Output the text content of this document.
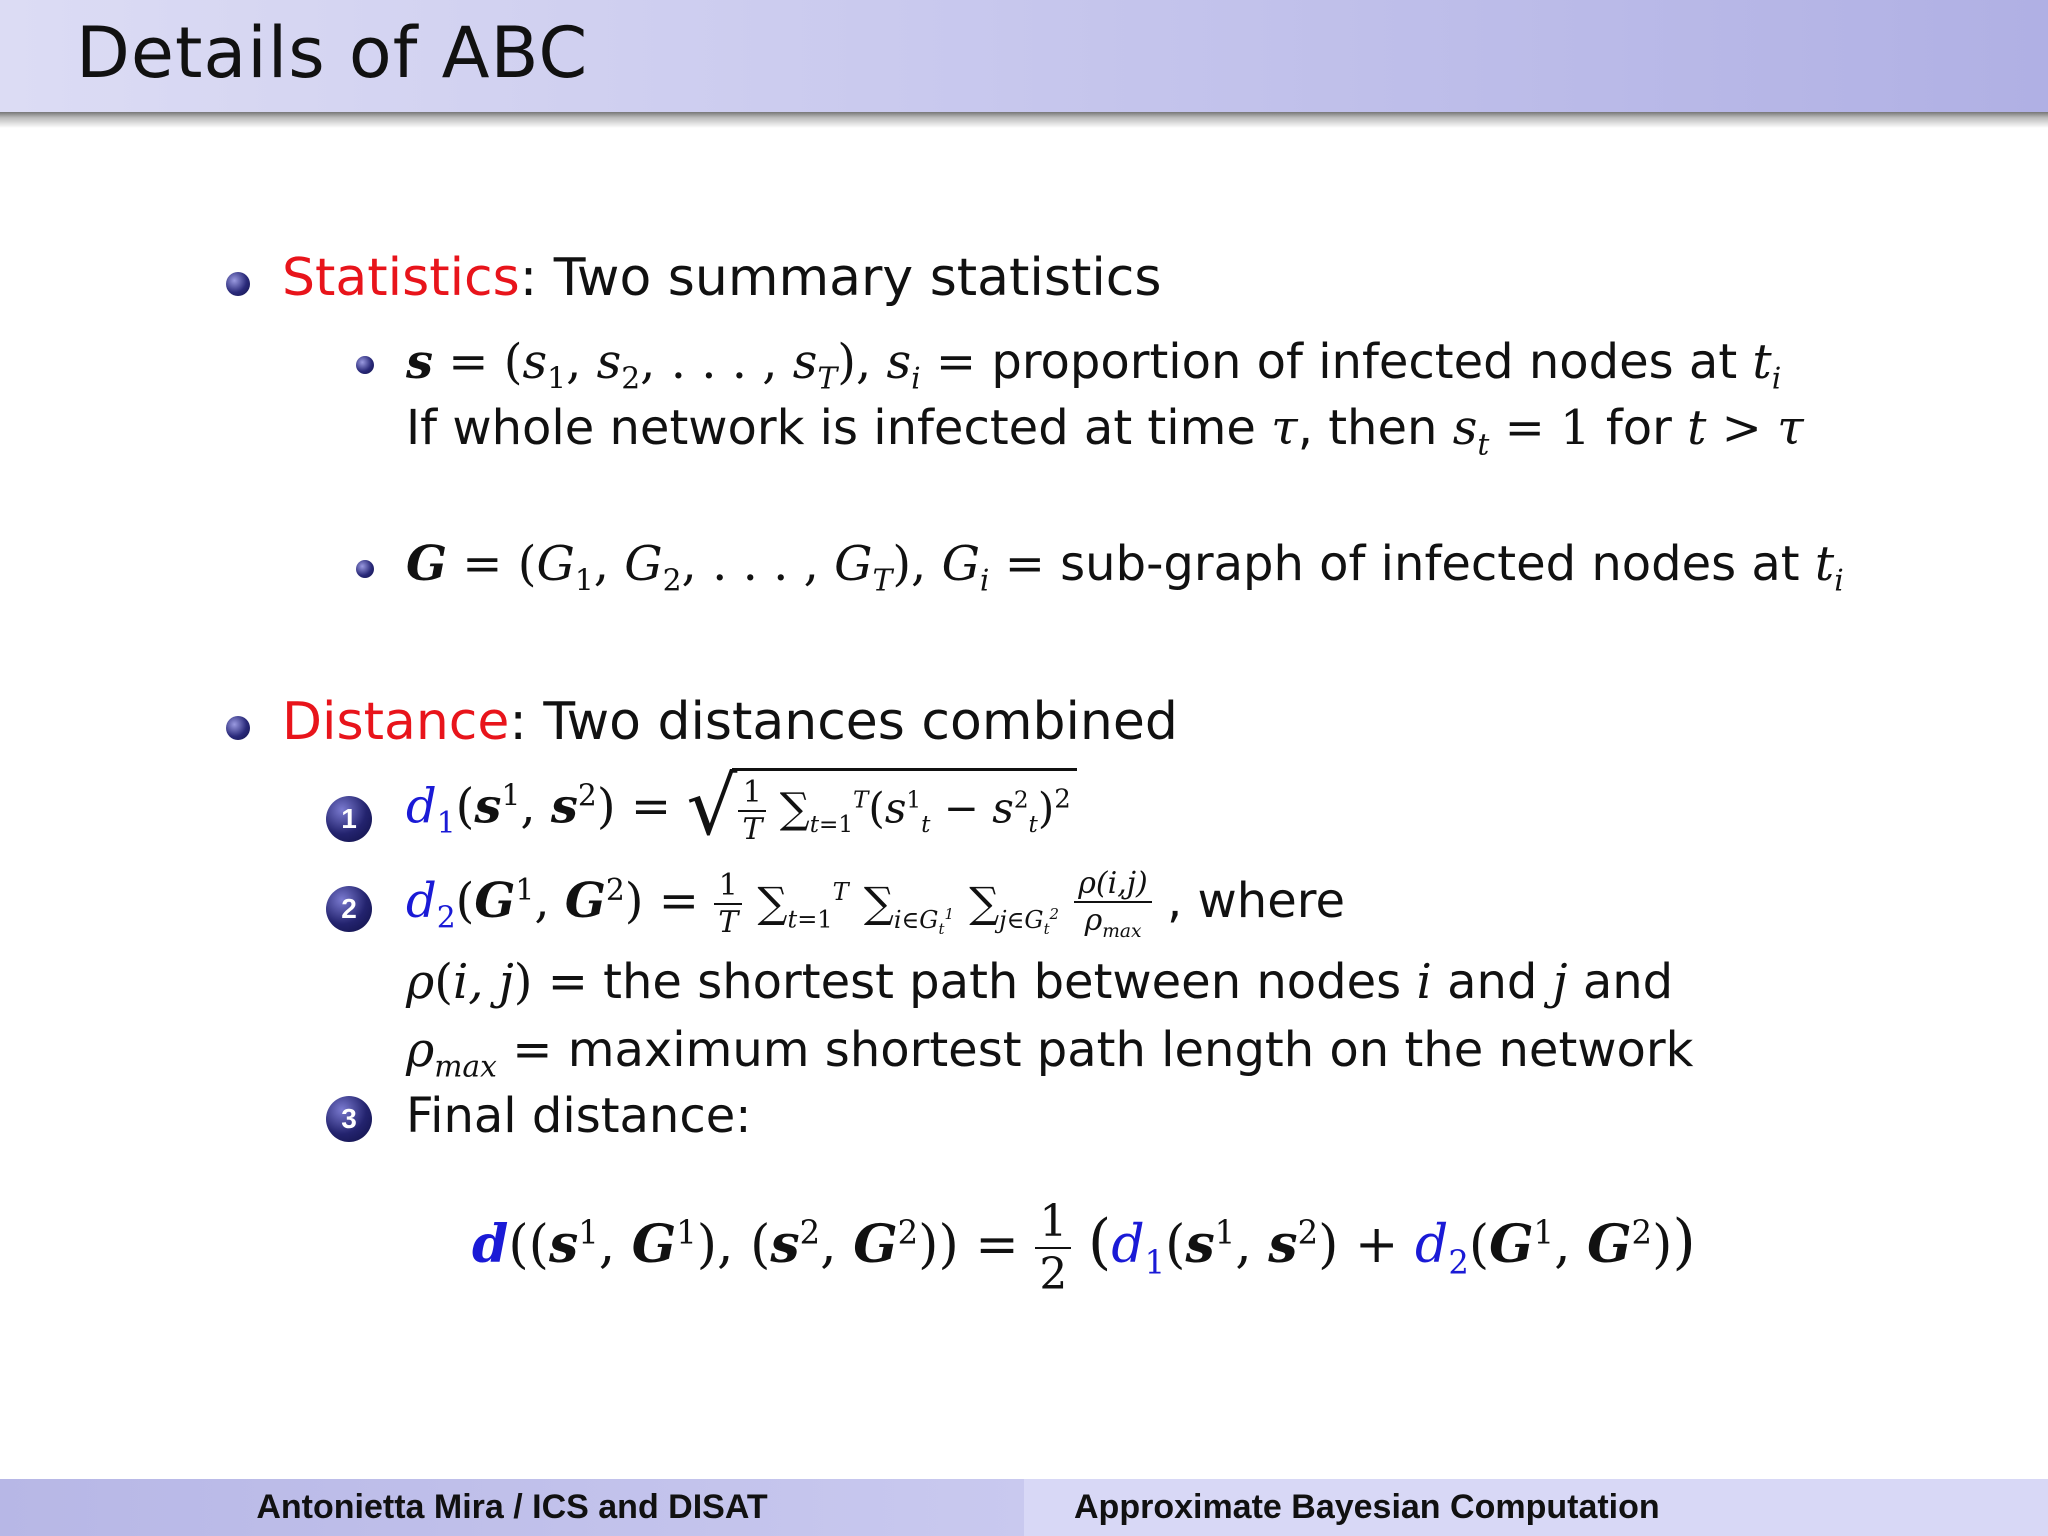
Details of ABC
Statistics: Two summary statistics
$s = (s_1$, $s_2$, . . . , $s_T$), $s_i$ = proportion of infected nodes at $t_i$
If whole network is infected at time τ, then $s_t = 1$ for t > τ
$G = (G_1$, $G_2$, . . . , $G_T$), $G_i$ = sub-graph of infected nodes at $t_i$
Distance: Two distances combined
1	$d_1(s^1$, $s^2$) = √ $\frac{1}{T} \sum_{t=1}^T(s^1_t - s^2_t)^2$
2	$d_2(G^1$, $G^2) = \frac{1}{T} \sum_{t=1}^T$ $\sum_{i\in G_t^1}$ $\sum_{j\in G_t^2} \frac{\rho(i,j)}{\rho_{max}}$ , where
ρ(i, j) = the shortest path between nodes i and j and
$\rho_{max}$ = maximum shortest path length on the network
3	Final distance:
$d((s^1$, $G^1$), ($s^2$, $G^2)) = \frac{1}{2} (d_1(s^1$, $s^2) + d_2(G^1$, $G^2$))
Antonietta Mira / ICS and DISAT	Approximate Bayesian Computation
